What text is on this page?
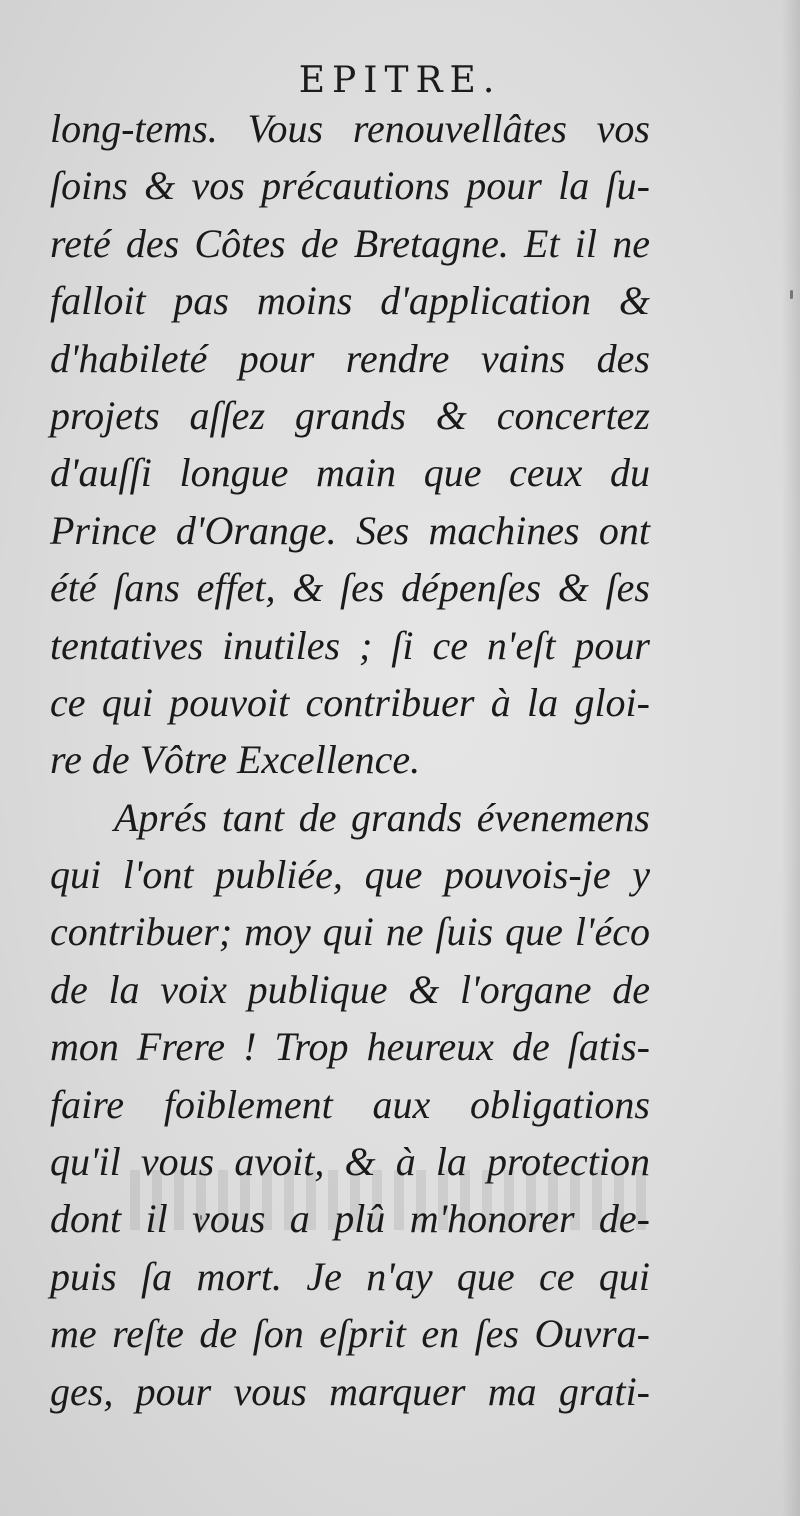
EPITRE.
long-tems. Vous renouvellâtes vos
ſoins & vos précautions pour la ſu-
reté des Côtes de Bretagne. Et il ne
falloit pas moins d'application &
d'habileté pour rendre vains des
projets aſſez grands & concertez
d'auſſi longue main que ceux du
Prince d'Orange. Ses machines ont
été ſans effet, & ſes dépenſes & ſes
tentatives inutiles ; ſi ce n'eſt pour
ce qui pouvoit contribuer à la gloi-
re de Vôtre Excellence.
Aprés tant de grands évenemens
qui l'ont publiée, que pouvois-je y
contribuer; moy qui ne ſuis que l'éco
de la voix publique & l'organe de
mon Frere ! Trop heureux de ſatis-
faire foiblement aux obligations
qu'il vous avoit, & à la protection
dont il vous a plû m'honorer de-
puis ſa mort. Je n'ay que ce qui
me reſte de ſon eſprit en ſes Ouvra-
ges, pour vous marquer ma grati-
